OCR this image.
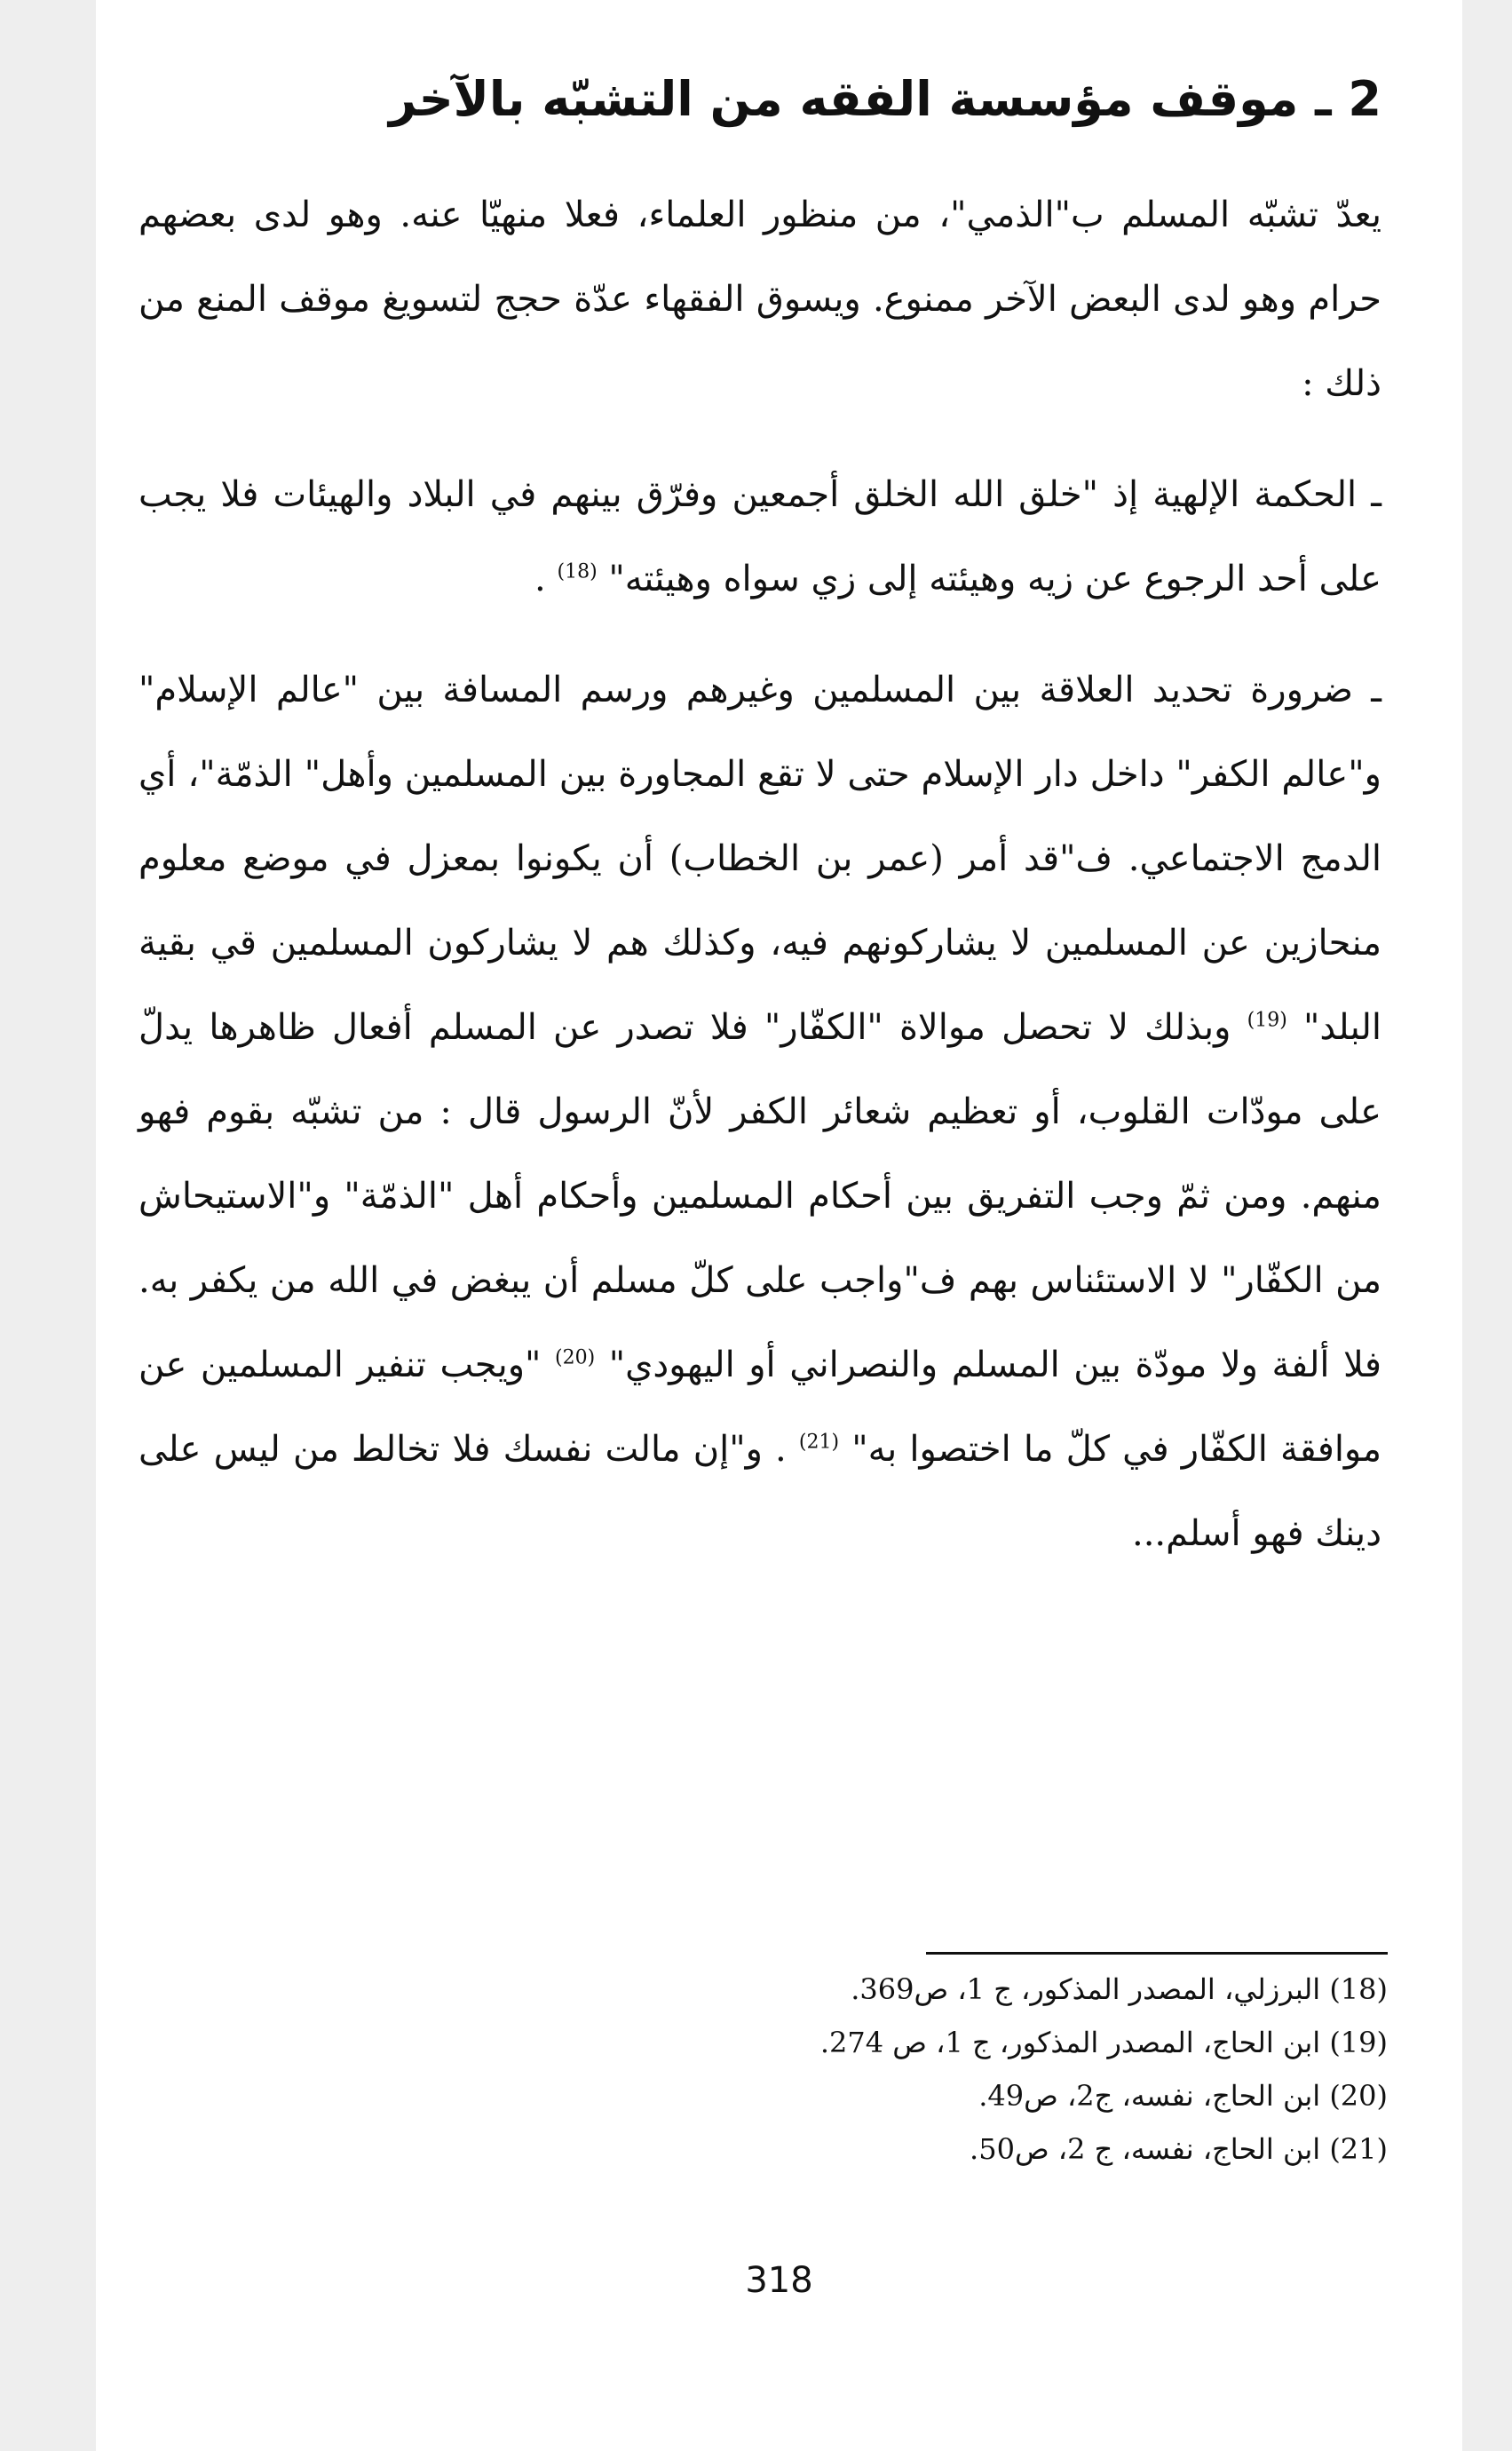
2 ـ موقف مؤسسة الفقه من التشبّه بالآخر

يعدّ تشبّه المسلم ب"الذمي"، من منظور العلماء، فعلا منهيّا عنه. وهو لدى بعضهم حرام وهو لدى البعض الآخر ممنوع. ويسوق الفقهاء عدّة حجج لتسويغ موقف المنع من ذلك :

ـ الحكمة الإلهية إذ "خلق الله الخلق أجمعين وفرّق بينهم في البلاد والهيئات فلا يجب على أحد الرجوع عن زيه وهيئته إلى زي سواه وهيئته" $^{(18)}$ .

ـ ضرورة تحديد العلاقة بين المسلمين وغيرهم ورسم المسافة بين "عالم الإسلام" و"عالم الكفر" داخل دار الإسلام حتى لا تقع المجاورة بين المسلمين وأهل" الذمّة"، أي الدمج الاجتماعي. ف"قد أمر (عمر بن الخطاب) أن يكونوا بمعزل في موضع معلوم منحازين عن المسلمين لا يشاركونهم فيه، وكذلك هم لا يشاركون المسلمين قي بقية البلد" $^{(19)}$ وبذلك لا تحصل موالاة "الكفّار" فلا تصدر عن المسلم أفعال ظاهرها يدلّ على مودّات القلوب، أو تعظيم شعائر الكفر لأنّ الرسول قال : من تشبّه بقوم فهو منهم. ومن ثمّ وجب التفريق بين أحكام المسلمين وأحكام أهل "الذمّة" و"الاستيحاش من الكفّار" لا الاستئناس بهم ف"واجب على كلّ مسلم أن يبغض في الله من يكفر به. فلا ألفة ولا مودّة بين المسلم والنصراني أو اليهودي" $^{(20)}$ "ويجب تنفير المسلمين عن موافقة الكفّار في كلّ ما اختصوا به" $^{(21)}$ . و"إن مالت نفسك فلا تخالط من ليس على دينك فهو أسلم...

(18) البرزلي، المصدر المذكور، ج 1، ص369.
(19) ابن الحاج، المصدر المذكور، ج 1، ص 274.
(20) ابن الحاج، نفسه، ج2، ص49.
(21) ابن الحاج، نفسه، ج 2، ص50.
318
